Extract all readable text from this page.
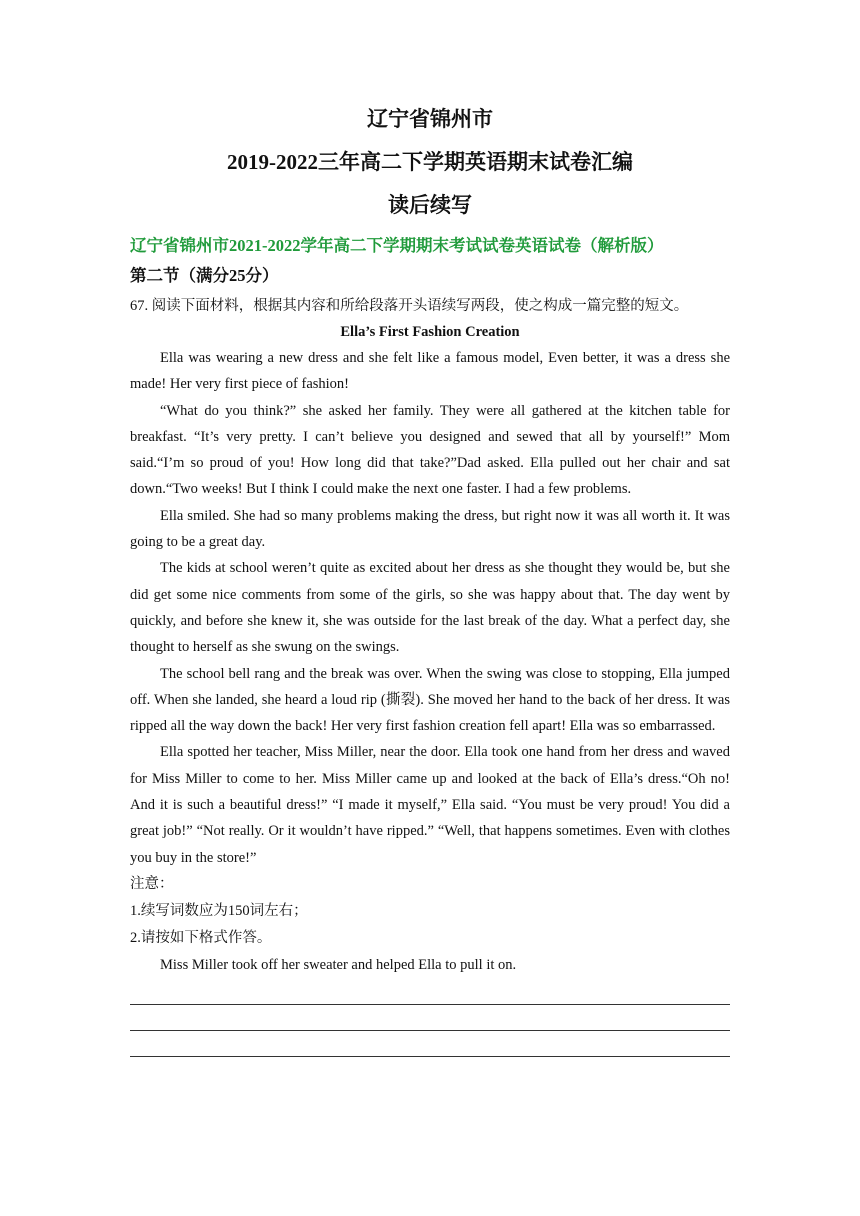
辽宁省锦州市
2019-2022三年高二下学期英语期末试卷汇编
读后续写
辽宁省锦州市2021-2022学年高二下学期期末考试试卷英语试卷（解析版）
第二节（满分25分）
67. 阅读下面材料，根据其内容和所给段落开头语续写两段，使之构成一篇完整的短文。
Ella’s First Fashion Creation

Ella was wearing a new dress and she felt like a famous model, Even better, it was a dress she made! Her very first piece of fashion!

“What do you think?” she asked her family. They were all gathered at the kitchen table for breakfast. “It’s very pretty. I can’t believe you designed and sewed that all by yourself!” Mom said.“I’m so proud of you! How long did that take?”Dad asked. Ella pulled out her chair and sat down.“Two weeks! But I think I could make the next one faster. I had a few problems.

Ella smiled. She had so many problems making the dress, but right now it was all worth it. It was going to be a great day.

The kids at school weren’t quite as excited about her dress as she thought they would be, but she did get some nice comments from some of the girls, so she was happy about that. The day went by quickly, and before she knew it, she was outside for the last break of the day. What a perfect day, she thought to herself as she swung on the swings.

The school bell rang and the break was over. When the swing was close to stopping, Ella jumped off. When she landed, she heard a loud rip (撕裂). She moved her hand to the back of her dress. It was ripped all the way down the back! Her very first fashion creation fell apart! Ella was so embarrassed.

Ella spotted her teacher, Miss Miller, near the door. Ella took one hand from her dress and waved for Miss Miller to come to her. Miss Miller came up and looked at the back of Ella’s dress.“Oh no! And it is such a beautiful dress!” “I made it myself,” Ella said. “You must be very proud! You did a great job!” “Not really. Or it wouldn’t have ripped.” “Well, that happens sometimes. Even with clothes you buy in the store!”

注意：
1.续写词数应为150词左右；
2.请按如下格式作答。
Miss Miller took off her sweater and helped Ella to pull it on.
